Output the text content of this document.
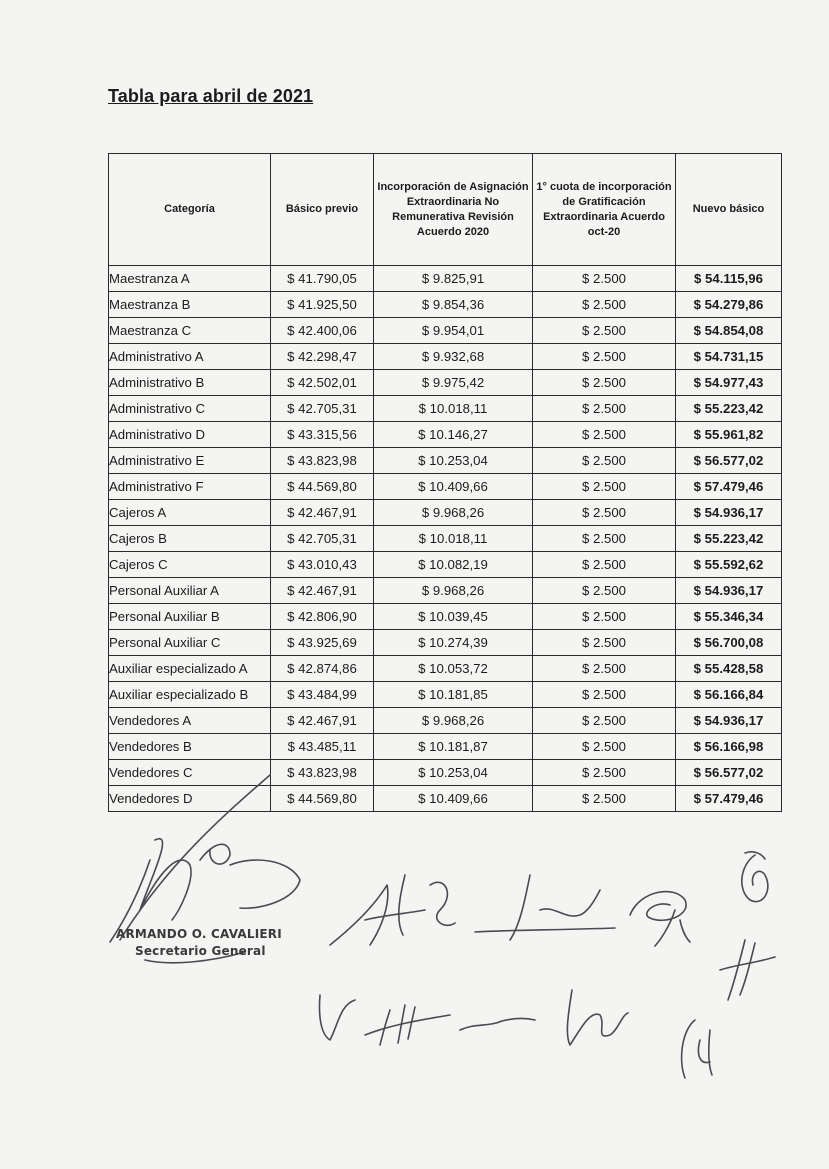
Tabla para abril de 2021
Categoría	Básico previo	Incorporación de Asignación Extraordinaria No Remunerativa Revisión Acuerdo 2020	1° cuota de incorporación de Gratificación Extraordinaria Acuerdo oct-20	Nuevo básico
Maestranza A	$ 41.790,05	$ 9.825,91	$ 2.500	$ 54.115,96
Maestranza B	$ 41.925,50	$ 9.854,36	$ 2.500	$ 54.279,86
Maestranza C	$ 42.400,06	$ 9.954,01	$ 2.500	$ 54.854,08
Administrativo A	$ 42.298,47	$ 9.932,68	$ 2.500	$ 54.731,15
Administrativo B	$ 42.502,01	$ 9.975,42	$ 2.500	$ 54.977,43
Administrativo C	$ 42.705,31	$ 10.018,11	$ 2.500	$ 55.223,42
Administrativo D	$ 43.315,56	$ 10.146,27	$ 2.500	$ 55.961,82
Administrativo E	$ 43.823,98	$ 10.253,04	$ 2.500	$ 56.577,02
Administrativo F	$ 44.569,80	$ 10.409,66	$ 2.500	$ 57.479,46
Cajeros A	$ 42.467,91	$ 9.968,26	$ 2.500	$ 54.936,17
Cajeros B	$ 42.705,31	$ 10.018,11	$ 2.500	$ 55.223,42
Cajeros C	$ 43.010,43	$ 10.082,19	$ 2.500	$ 55.592,62
Personal Auxiliar A	$ 42.467,91	$ 9.968,26	$ 2.500	$ 54.936,17
Personal Auxiliar B	$ 42.806,90	$ 10.039,45	$ 2.500	$ 55.346,34
Personal Auxiliar C	$ 43.925,69	$ 10.274,39	$ 2.500	$ 56.700,08
Auxiliar especializado A	$ 42.874,86	$ 10.053,72	$ 2.500	$ 55.428,58
Auxiliar especializado B	$ 43.484,99	$ 10.181,85	$ 2.500	$ 56.166,84
Vendedores A	$ 42.467,91	$ 9.968,26	$ 2.500	$ 54.936,17
Vendedores B	$ 43.485,11	$ 10.181,87	$ 2.500	$ 56.166,98
Vendedores C	$ 43.823,98	$ 10.253,04	$ 2.500	$ 56.577,02
Vendedores D	$ 44.569,80	$ 10.409,66	$ 2.500	$ 57.479,46
ARMANDO O. CAVALIERI
Secretario General
